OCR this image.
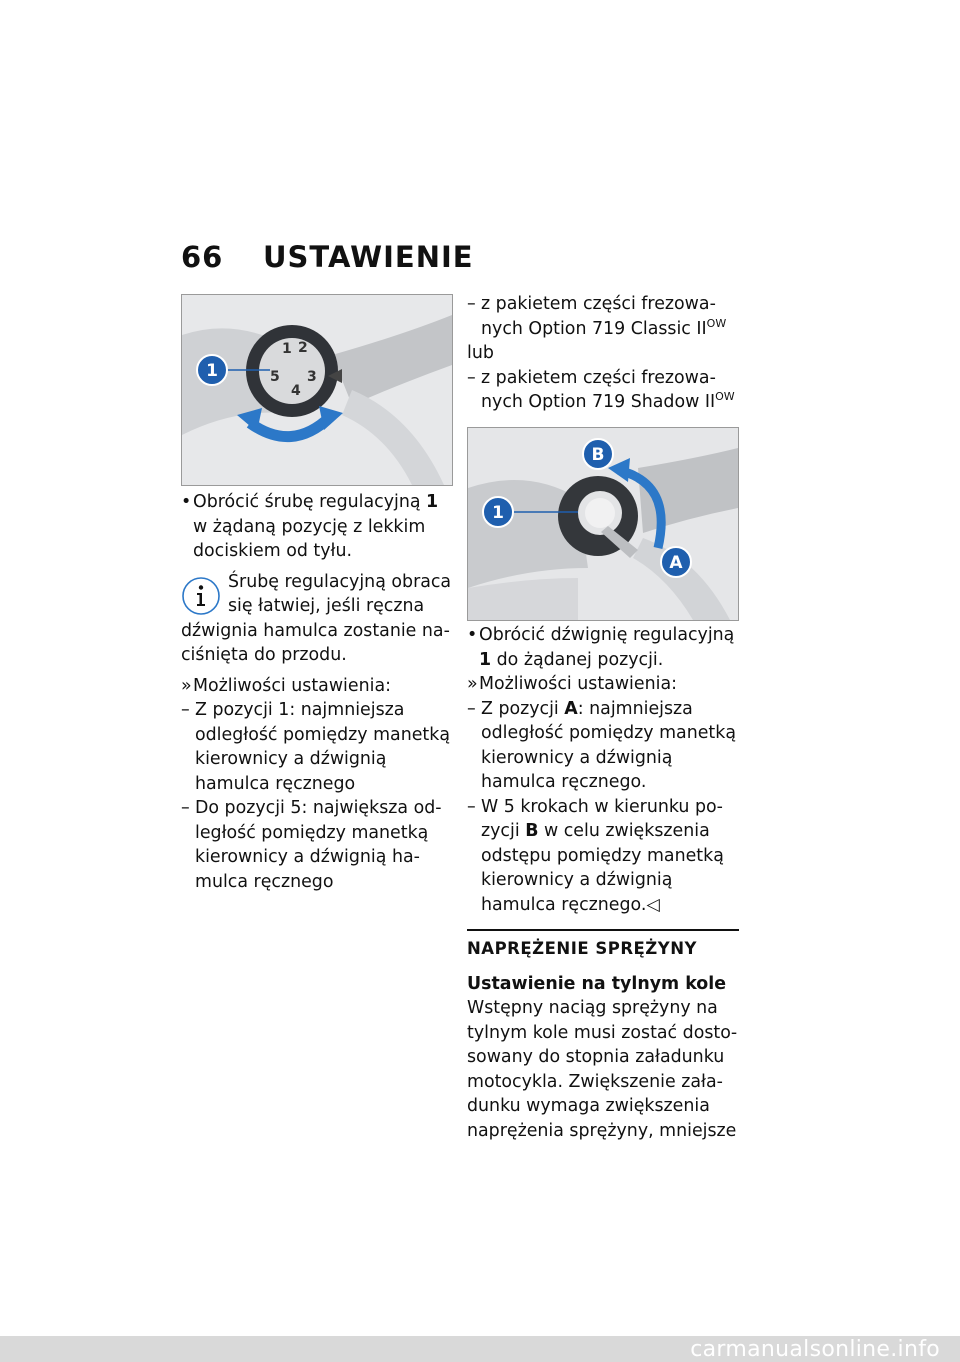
66 USTAWIENIE
1 2
3
4
5
1

• Obrócić śrubę regulacyjną 1 w żądaną pozycję z lekkim dociskiem od tyłu.

Śrubę regulacyjną obraca się łatwiej, jeśli ręczna
dźwignia hamulca zostanie naciśnięta do przodu.

» Możliwości ustawienia:

– Z pozycji 1: najmniejsza odległość pomiędzy manetką kierownicy a dźwignią hamulca ręcznego

– Do pozycji 5: największa odległość pomiędzy manetką kierownicy a dźwignią hamulca ręcznego

– z pakietem części frezowanych Option 719 Classic $II^{OW}$

lub

– z pakietem części frezowanych Option 719 Shadow $II^{OW}$

1
B
A

• Obrócić dźwignię regulacyjną 1 do żądanej pozycji.

» Możliwości ustawienia:

– Z pozycji A: najmniejsza odległość pomiędzy manetką kierownicy a dźwignią hamulca ręcznego.

– W 5 krokach w kierunku pozycji B w celu zwiększenia odstępu pomiędzy manetką kierownicy a dźwignią hamulca ręcznego.◁

NAPRĘŻENIE SPRĘŻYNY
Ustawienie na tylnym kole
Wstępny naciąg sprężyny na tylnym kole musi zostać dostosowany do stopnia załadunku motocykla. Zwiększenie załadunku wymaga zwiększenia naprężenia sprężyny, mniejsze
carmanualsonline.info
